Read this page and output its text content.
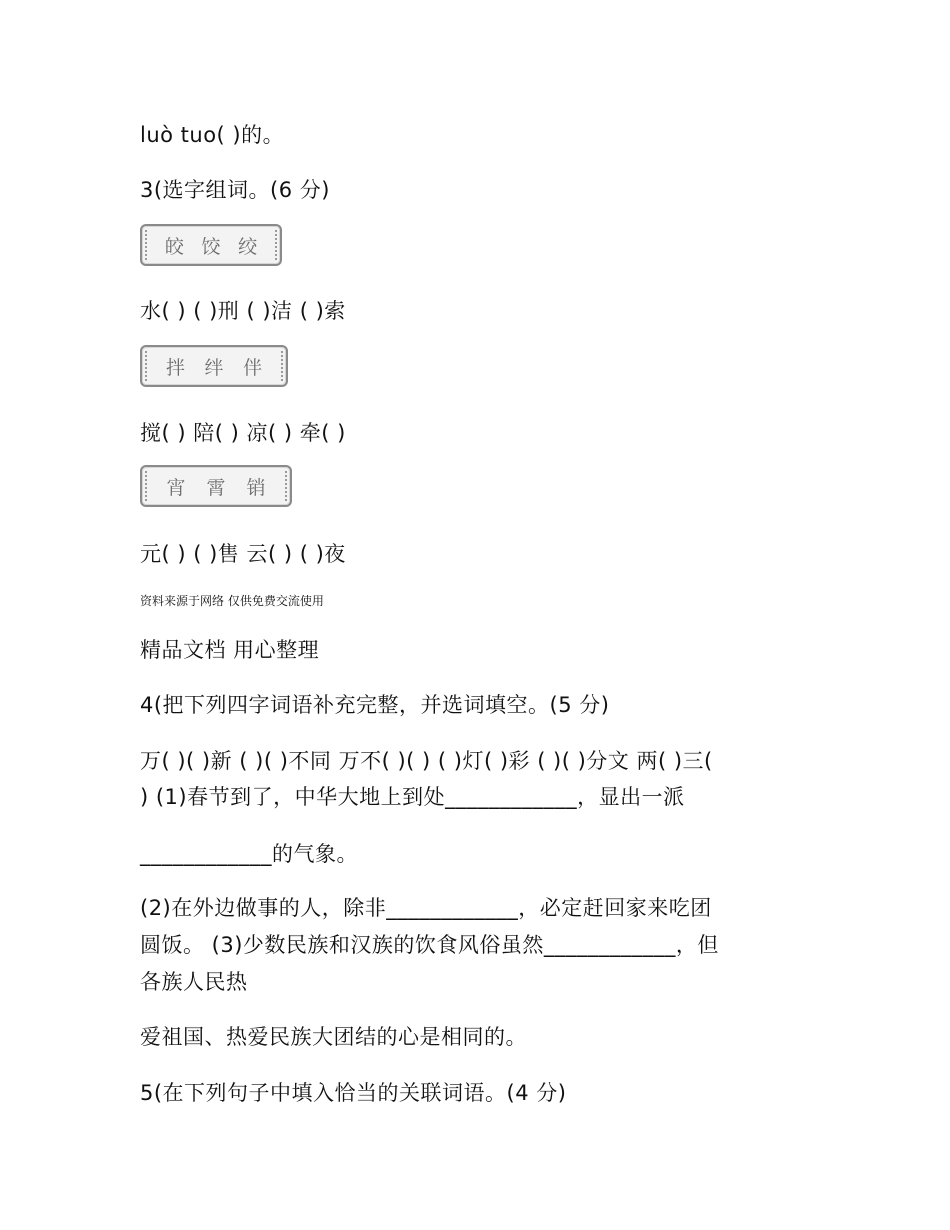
luò tuo( )的。

3(选字组词。(6 分)

皎 饺 绞

水( ) ( )刑 ( )洁 ( )索

拌 绊 伴

搅( ) 陪( ) 凉( ) 牵( )

宵 霄 销

元( ) ( )售 云( ) ( )夜

资料来源于网络 仅供免费交流使用

精品文档 用心整理

4(把下列四字词语补充完整，并选词填空。(5 分)

万( )( )新 ( )( )不同 万不( )( ) ( )灯( )彩 ( )( )分文 两( )三(

) (1)春节到了，中华大地上到处____________，显出一派

____________的气象。

(2)在外边做事的人，除非____________，必定赶回家来吃团

圆饭。 (3)少数民族和汉族的饮食风俗虽然____________，但

各族人民热

爱祖国、热爱民族大团结的心是相同的。

5(在下列句子中填入恰当的关联词语。(4 分)
